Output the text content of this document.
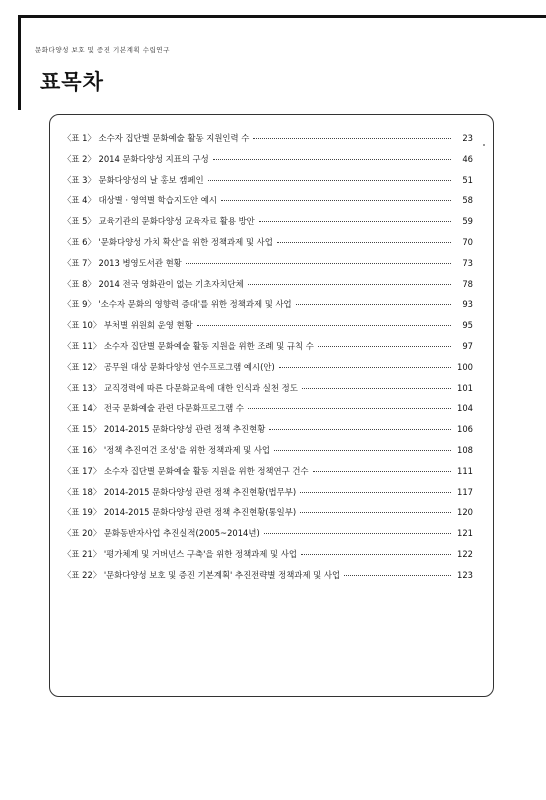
문화다양성 보호 및 증진 기본계획 수립연구
표목차
〈표 1〉 소수자 집단별 문화예술 활동 지원인력 수	23
〈표 2〉 2014 문화다양성 지표의 구성	46
〈표 3〉 문화다양성의 날 홍보 캠페인	51
〈표 4〉 대상별 · 영역별 학습지도안 예시	58
〈표 5〉 교육기관의 문화다양성 교육자료 활용 방안	59
〈표 6〉 '문화다양성 가치 확산'을 위한 정책과제 및 사업	70
〈표 7〉 2013 병영도서관 현황	73
〈표 8〉 2014 전국 영화관이 없는 기초자치단체	78
〈표 9〉 '소수자 문화의 영향력 증대'를 위한 정책과제 및 사업	93
〈표 10〉 부처별 위원회 운영 현황	95
〈표 11〉 소수자 집단별 문화예술 활동 지원을 위한 조례 및 규칙 수	97
〈표 12〉 공무원 대상 문화다양성 연수프로그램 예시(안)	100
〈표 13〉 교직경력에 따른 다문화교육에 대한 인식과 실천 정도	101
〈표 14〉 전국 문화예술 관련 다문화프로그램 수	104
〈표 15〉 2014-2015 문화다양성 관련 정책 추진현황	106
〈표 16〉 '정책 추진여건 조성'을 위한 정책과제 및 사업	108
〈표 17〉 소수자 집단별 문화예술 활동 지원을 위한 정책연구 건수	111
〈표 18〉 2014-2015 문화다양성 관련 정책 추진현황(법무부)	117
〈표 19〉 2014-2015 문화다양성 관련 정책 추진현황(통일부)	120
〈표 20〉 문화동반자사업 추진실적(2005~2014년)	121
〈표 21〉 '평가체계 및 거버넌스 구축'을 위한 정책과제 및 사업	122
〈표 22〉 '문화다양성 보호 및 증진 기본계획' 추진전략별 정책과제 및 사업	123
